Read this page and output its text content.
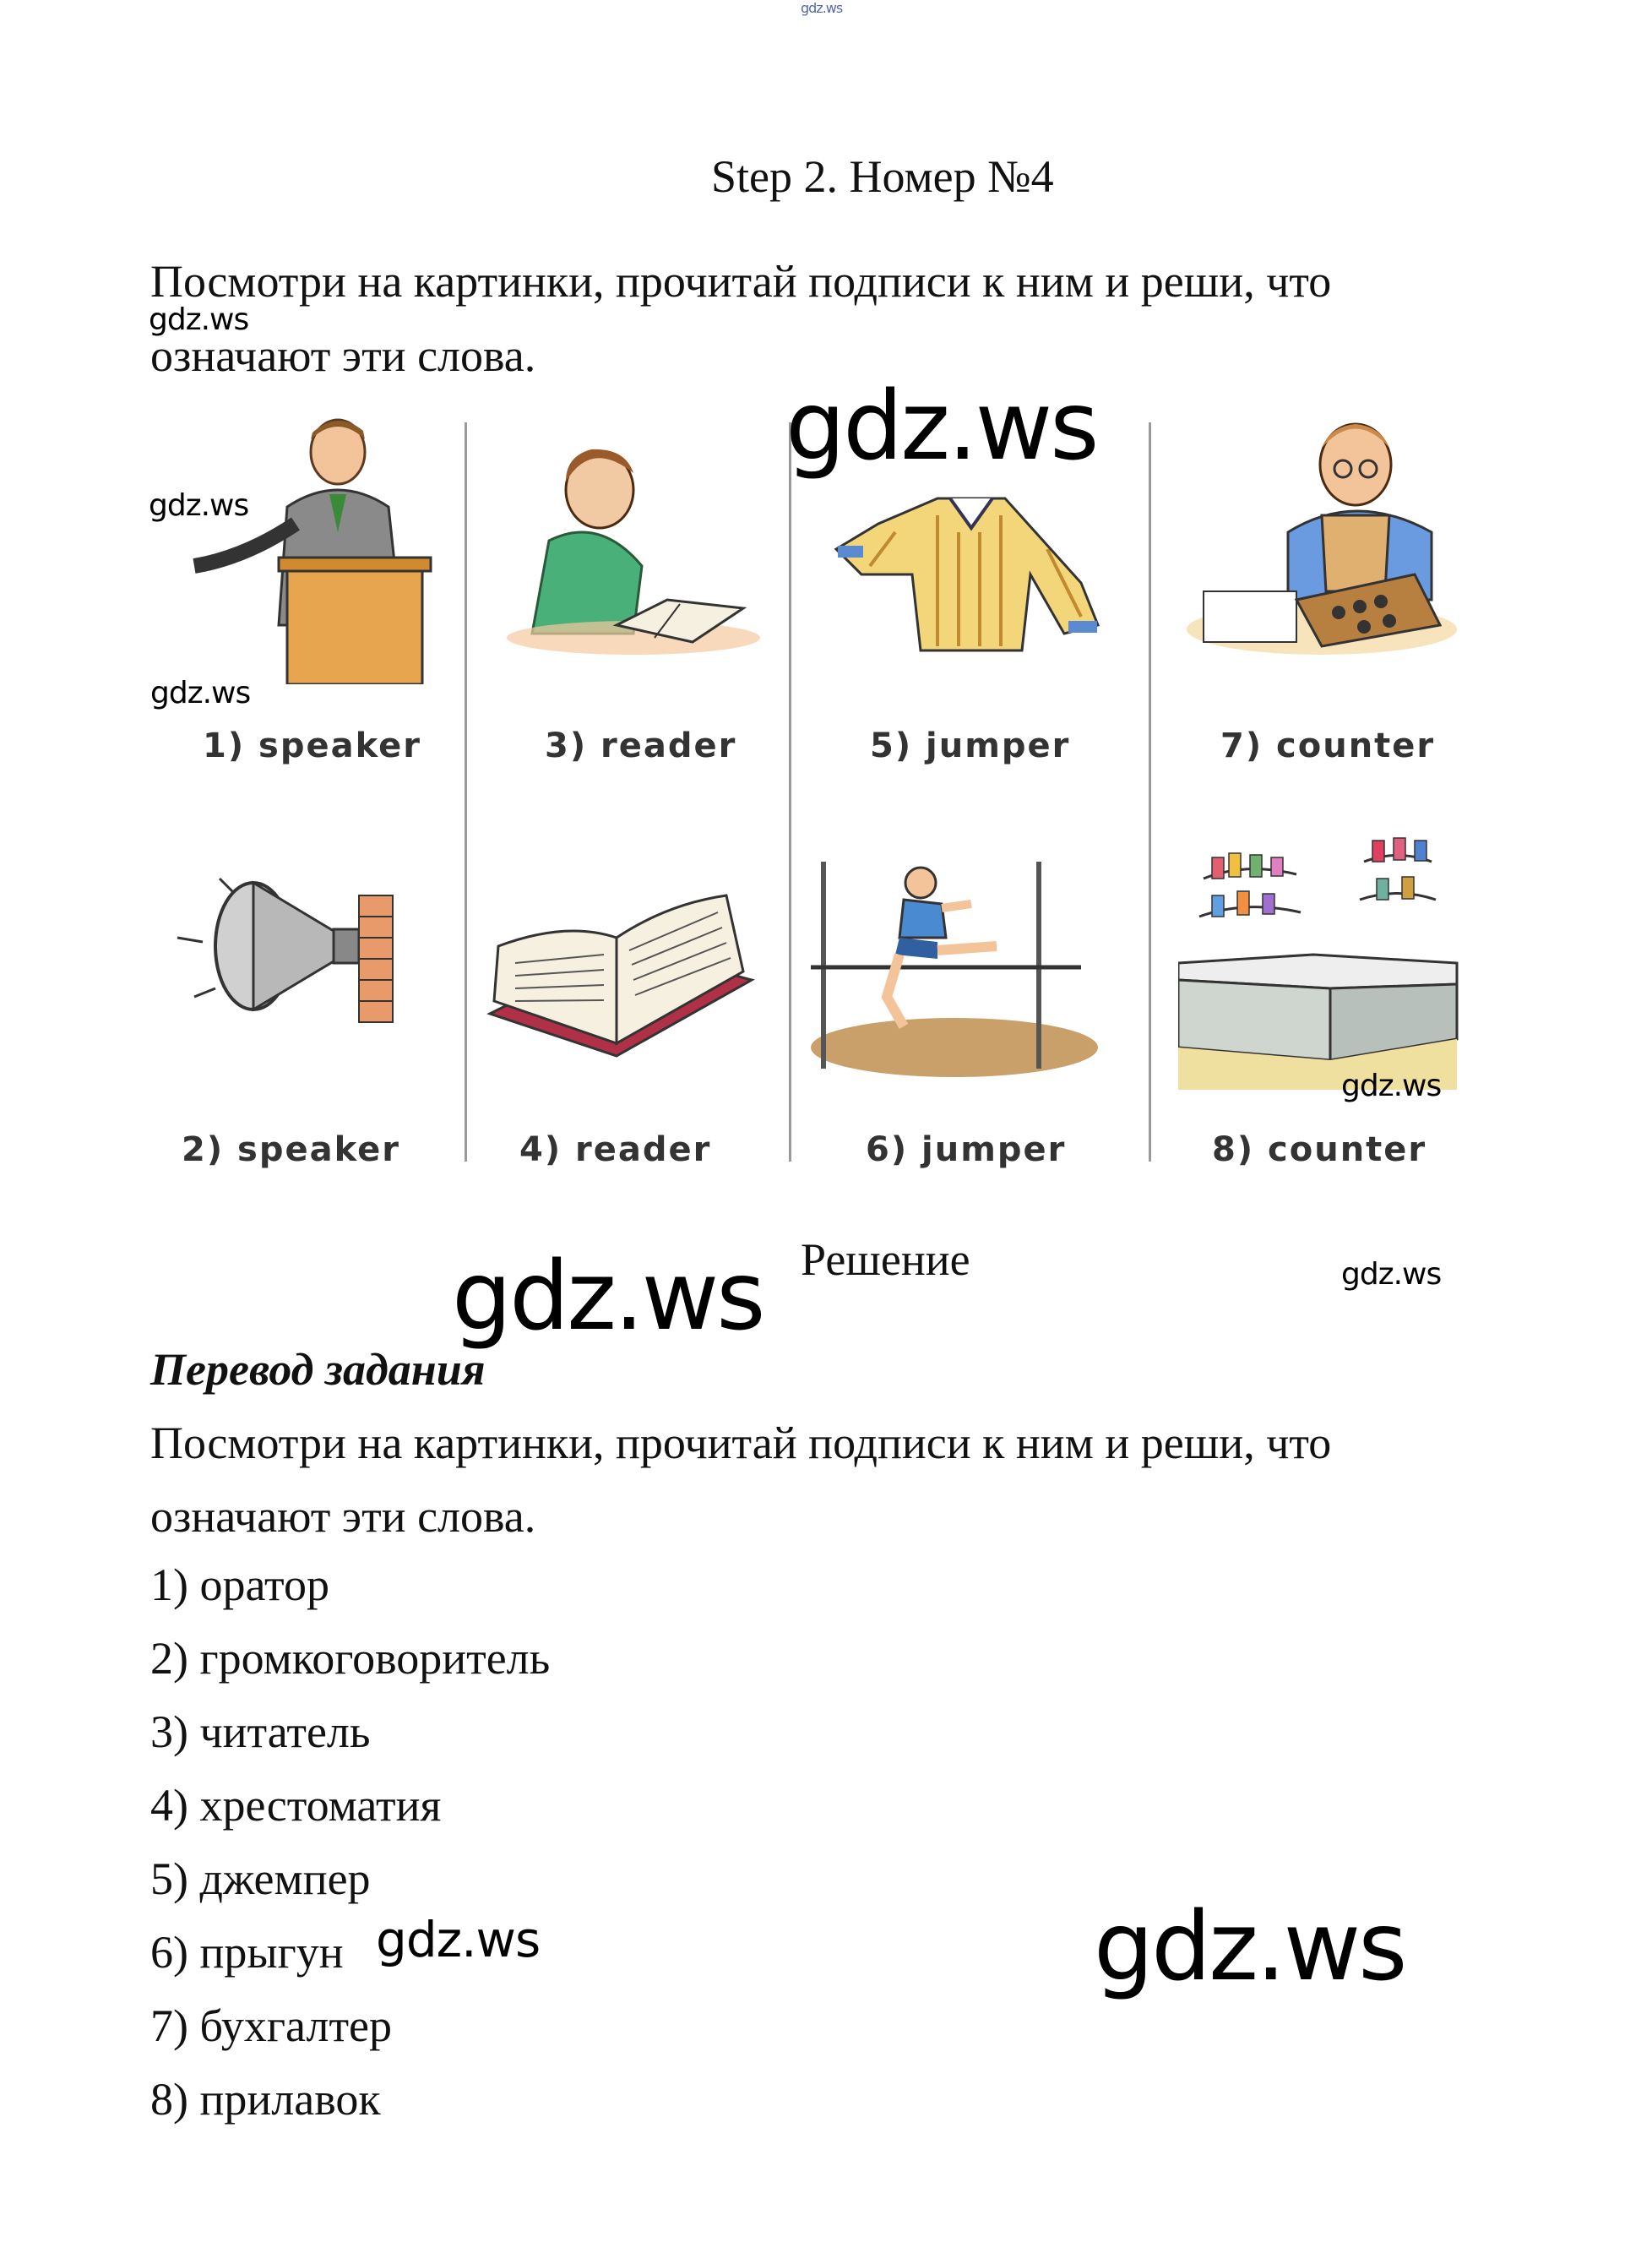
gdz.ws
Step 2. Номер №4
Посмотри на картинки, прочитай подписи к ним и реши, что
означают эти слова.
gdz.ws
1) speaker	3) reader	5) jumper	7) counter
2) speaker	4) reader	6) jumper	8) counter
gdz.ws
gdz.ws
gdz.ws
gdz.ws
Решение
gdz.ws	gdz.ws
Перевод задания
Посмотри на картинки, прочитай подписи к ним и реши, что
означают эти слова.
1) оратор
2) громкоговоритель
3) читатель
4) хрестоматия
5) джемпер
6) прыгун
7) бухгалтер
8) прилавок
gdz.ws	gdz.ws
